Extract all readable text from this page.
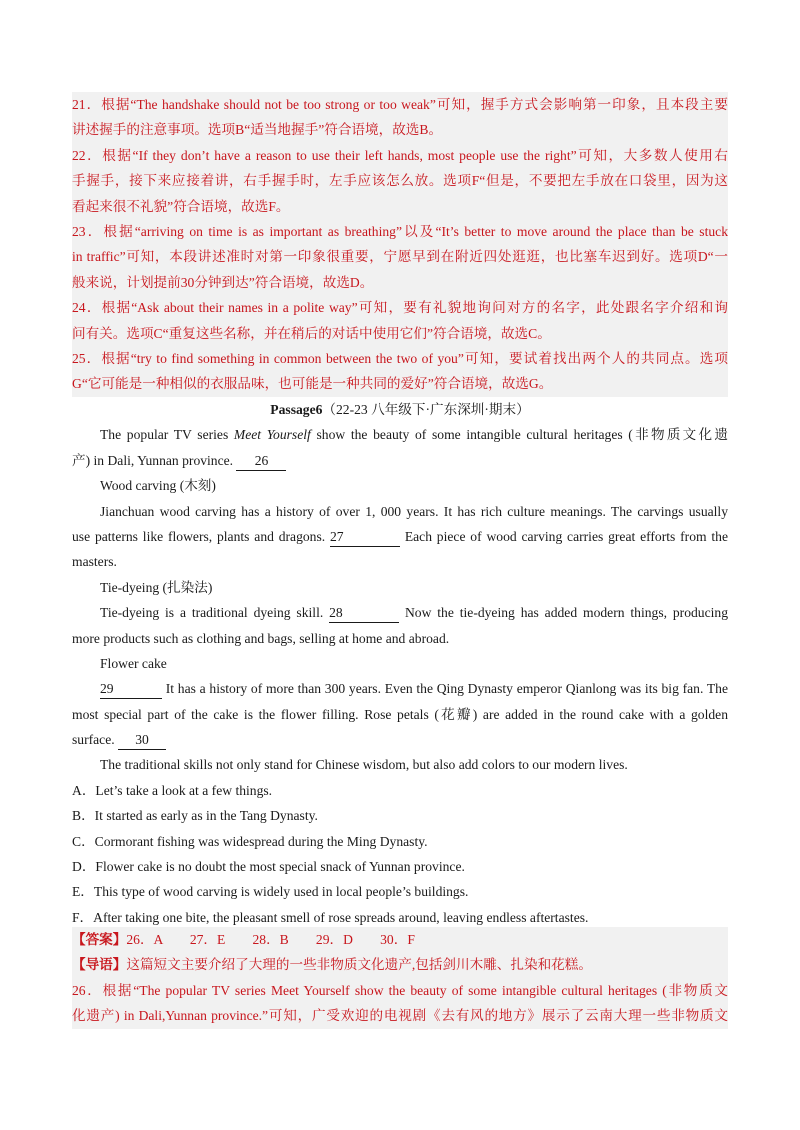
21．根据“The handshake should not be too strong or too weak”可知，握手方式会影响第一印象，且本段主要
讲述握手的注意事项。选项B“适当地握手”符合语境，故选B。
22．根据“If they don’t have a reason to use their left hands, most people use the right”可知，大多数人使用右
手握手，接下来应接着讲，右手握手时，左手应该怎么放。选项F“但是，不要把左手放在口袋里，因为这
看起来很不礼貌”符合语境，故选F。
23．根据“arriving on time is as important as breathing”以及“It’s better to move around the place than be stuck
in traffic”可知，本段讲述准时对第一印象很重要，宁愿早到在附近四处逛逛，也比塞车迟到好。选项D“一
般来说，计划提前30分钟到达”符合语境，故选D。
24．根据“Ask about their names in a polite way”可知，要有礼貌地询问对方的名字，此处跟名字介绍和询
问有关。选项C“重复这些名称，并在稍后的对话中使用它们”符合语境，故选C。
25．根据“try to find something in common between the two of you”可知，要试着找出两个人的共同点。选项
G“它可能是一种相似的衣服品味，也可能是一种共同的爱好”符合语境，故选G。
Passage6（22-23 八年级下·广东深圳·期末）
The popular TV series Meet Yourself show the beauty of some intangible cultural heritages (非物质文化遗
产) in Dali, Yunnan province. 26
Wood carving (木刻)
Jianchuan wood carving has a history of over 1, 000 years. It has rich culture meanings. The carvings usually
use patterns like flowers, plants and dragons. 27	Each piece of wood carving carries great efforts from the
masters.
Tie-dyeing (扎染法)
Tie-dyeing is a traditional dyeing skill. 28	Now the tie-dyeing has added modern things, producing
more products such as clothing and bags, selling at home and abroad.
Flower cake
29	It has a history of more than 300 years. Even the Qing Dynasty emperor Qianlong was its big fan. The
most special part of the cake is the flower filling. Rose petals (花瓣) are added in the round cake with a golden
surface. 30
The traditional skills not only stand for Chinese wisdom, but also add colors to our modern lives.
A．Let’s take a look at a few things.
B．It started as early as in the Tang Dynasty.
C．Cormorant fishing was widespread during the Ming Dynasty.
D．Flower cake is no doubt the most special snack of Yunnan province.
E．This type of wood carving is widely used in local people’s buildings.
F．After taking one bite, the pleasant smell of rose spreads around, leaving endless aftertastes.
【答案】26．A　　27．E　　28．B　　29．D　　30．F
【导语】这篇短文主要介绍了大理的一些非物质文化遗产,包括剑川木雕、扎染和花糕。
26．根据“The popular TV series Meet Yourself show the beauty of some intangible cultural heritages (非物质文
化遗产) in Dali,Yunnan province.”可知，广受欢迎的电视剧《去有风的地方》展示了云南大理一些非物质文
